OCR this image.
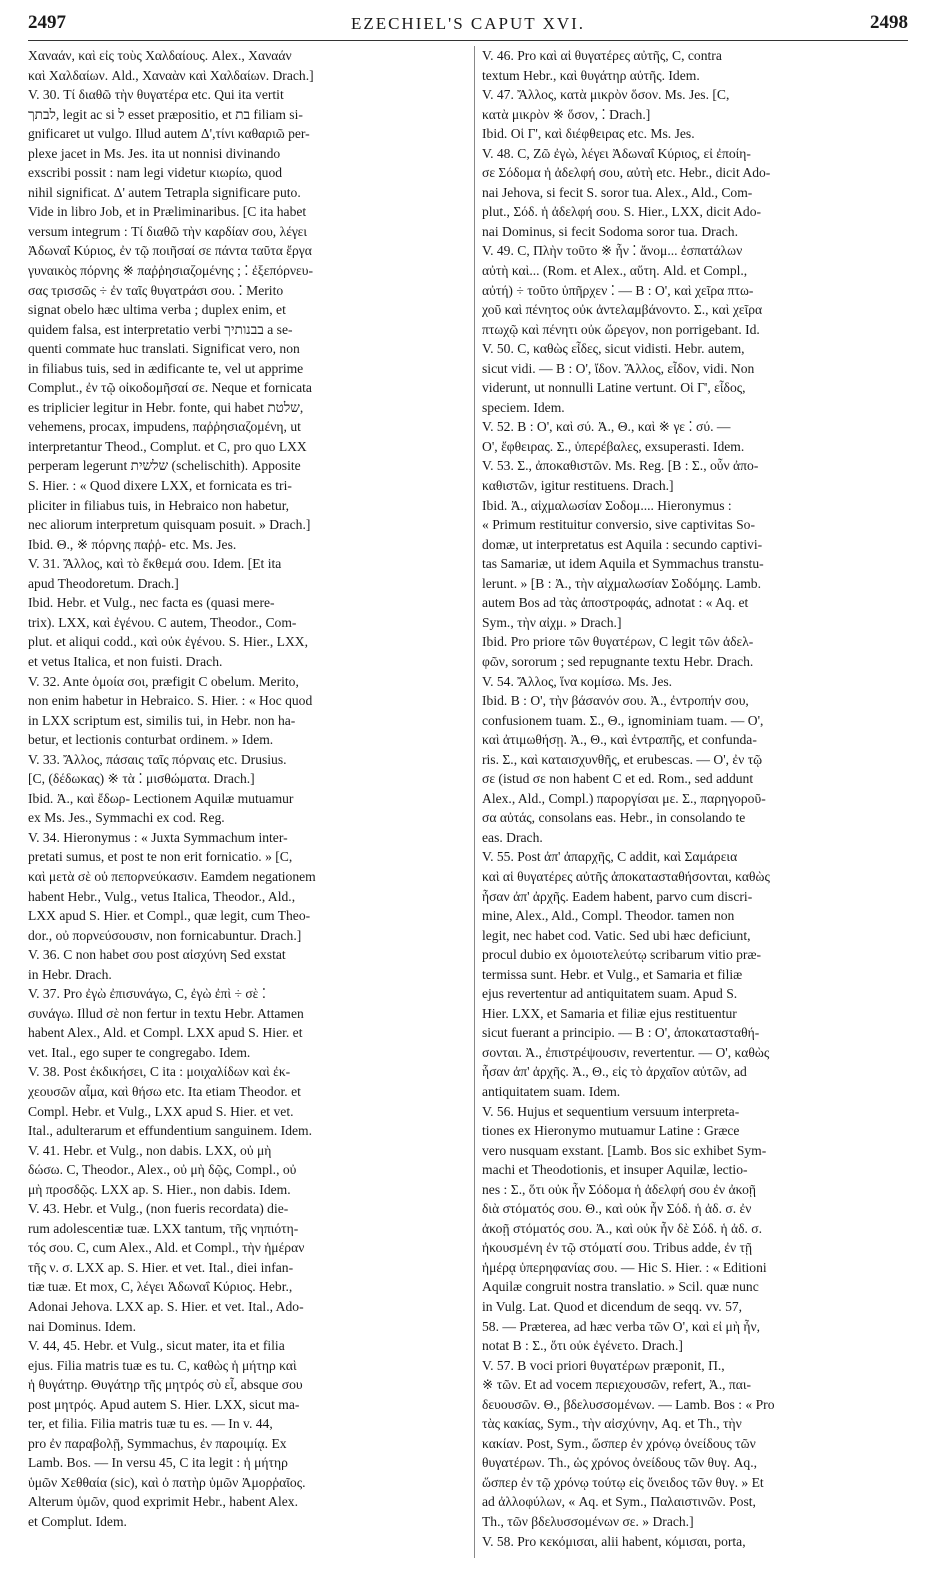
2497	EZECHIEL'S CAPUT XVI.	2498
Χαναάν, καὶ εἰς τοὺς Χαλδαίους. Alex., Χαναάν
καὶ Χαλδαίων. Ald., Χαναὰν καὶ Χαλδαίων. Drach.]
V. 30. Τί διαθῶ τὴν θυγατέρα etc. Qui ita vertit
לבתך, legit ac si ל esset præpositio, et בת filiam si-
gnificaret ut vulgo. Illud autem Δ',τίνι καθαριῶ per-
plexe jacet in Ms. Jes. ita ut nonnisi divinando
exscribi possit : nam legi videtur κιωρίω, quod
nihil significat. Δ' autem Tetrapla significare puto.
Vide in libro Job, et in Præliminaribus. [C ita habet
versum integrum : Τί διαθῶ τὴν καρδίαν σου, λέγει
Ἀδωναΐ Κύριος, ἐν τῷ ποιῆσαί σε πάντα ταῦτα ἔργα
γυναικὸς πόρνης ※ παῤῥησιαζομένης ; ⁚ ἐξεπόρνευ-
σας τρισσῶς ÷ ἐν ταῖς θυγατράσι σου. ⁚ Merito
signat obelo hæc ultima verba ; duplex enim, et
quidem falsa, est interpretatio verbi בבנותיך a se-
quenti commate huc translati. Significat vero, non
in filiabus tuis, sed in ædificante te, vel ut apprime
Complut., ἐν τῷ οἰκοδομῆσαί σε. Neque et fornicata
es triplicier legitur in Hebr. fonte, qui habet שלטת,
vehemens, procax, impudens, παῤῥησιαζομένη, ut
interpretantur Theod., Complut. et C, pro quo LXX
perperam legerunt שלשית (schelischith). Apposite
S. Hier. : « Quod dixere LXX, et fornicata es tri-
pliciter in filiabus tuis, in Hebraico non habetur,
nec aliorum interpretum quisquam posuit. » Drach.]
Ibid. Θ., ※ πόρνης παῤῥ- etc. Ms. Jes.
V. 31. Ἄλλος, καὶ τὸ ἔκθεμά σου. Idem. [Et ita
apud Theodoretum. Drach.]
Ibid. Hebr. et Vulg., nec facta es (quasi mere-
trix). LXX, καὶ ἐγένου. C autem, Theodor., Com-
plut. et aliqui codd., καὶ οὐκ ἐγένου. S. Hier., LXX,
et vetus Italica, et non fuisti. Drach.
V. 32. Ante ὁμοία σοι, præfigit C obelum. Merito,
non enim habetur in Hebraico. S. Hier. : « Hoc quod
in LXX scriptum est, similis tui, in Hebr. non ha-
betur, et lectionis conturbat ordinem. » Idem.
V. 33. Ἄλλος, πάσαις ταῖς πόρναις etc. Drusius.
[C, (δέδωκας) ※ τὰ ⁚ μισθώματα. Drach.]
Ibid. Ἀ., καὶ ἔδωρ- Lectionem Aquilæ mutuamur
ex Ms. Jes., Symmachi ex cod. Reg.
V. 34. Hieronymus : « Juxta Symmachum inter-
pretati sumus, et post te non erit fornicatio. » [C,
καὶ μετὰ σὲ οὐ πεπορνεύκασιν. Eamdem negationem
habent Hebr., Vulg., vetus Italica, Theodor., Ald.,
LXX apud S. Hier. et Compl., quæ legit, cum Theo-
dor., οὐ πορνεύσουσιν, non fornicabuntur. Drach.]
V. 36. C non habet σου post αἰσχύνη Sed exstat
in Hebr. Drach.
V. 37. Pro ἐγὼ ἐπισυνάγω, C, ἐγὼ ἐπὶ ÷ σὲ ⁚
συνάγω. Illud σὲ non fertur in textu Hebr. Attamen
habent Alex., Ald. et Compl. LXX apud S. Hier. et
vet. Ital., ego super te congregabo. Idem.
V. 38. Post ἐκδικήσει, C ita : μοιχαλίδων καὶ ἐκ-
χεουσῶν αἷμα, καὶ θήσω etc. Ita etiam Theodor. et
Compl. Hebr. et Vulg., LXX apud S. Hier. et vet.
Ital., adulterarum et effundentium sanguinem. Idem.
V. 41. Hebr. et Vulg., non dabis. LXX, οὐ μὴ
δώσω. C, Theodor., Alex., οὐ μὴ δῷς, Compl., οὐ
μὴ προσδῷς. LXX ap. S. Hier., non dabis. Idem.
V. 43. Hebr. et Vulg., (non fueris recordata) die-
rum adolescentiæ tuæ. LXX tantum, τῆς νηπιότη-
τός σου. C, cum Alex., Ald. et Compl., τὴν ἡμέραν
τῆς ν. σ. LXX ap. S. Hier. et vet. Ital., diei infan-
tiæ tuæ. Et mox, C, λέγει Ἀδωναΐ Κύριος. Hebr.,
Adonai Jehova. LXX ap. S. Hier. et vet. Ital., Ado-
nai Dominus. Idem.
V. 44, 45. Hebr. et Vulg., sicut mater, ita et filia
ejus. Filia matris tuæ es tu. C, καθὼς ἡ μήτηρ καὶ
ἡ θυγάτηρ. Θυγάτηρ τῆς μητρός σὺ εἶ, absque σου
post μητρός. Apud autem S. Hier. LXX, sicut ma-
ter, et filia. Filia matris tuæ tu es. — In v. 44,
pro ἐν παραβολῇ, Symmachus, ἐν παροιμίᾳ. Ex
Lamb. Bos. — In versu 45, C ita legit : ἡ μήτηρ
ὑμῶν Χεθθαία (sic), καὶ ὁ πατὴρ ὑμῶν Ἀμορῥαῖος.
Alterum ὑμῶν, quod exprimit Hebr., habent Alex.
et Complut. Idem.
V. 46. Pro καὶ αἱ θυγατέρες αὐτῆς, C, contra
textum Hebr., καὶ θυγάτηρ αὐτῆς. Idem.
V. 47. Ἄλλος, κατὰ μικρὸν ὅσον. Ms. Jes. [C,
κατὰ μικρὸν ※ ὅσον, ⁚ Drach.]
Ibid. Οἱ Γ', καὶ διέφθειρας etc. Ms. Jes.
V. 48. C, Ζῶ ἐγὼ, λέγει Ἀδωναΐ Κύριος, εἰ ἐποίη-
σε Σόδομα ἡ ἀδελφή σου, αὐτὴ etc. Hebr., dicit Ado-
nai Jehova, si fecit S. soror tua. Alex., Ald., Com-
plut., Σόδ. ἡ ἀδελφή σου. S. Hier., LXX, dicit Ado-
nai Dominus, si fecit Sodoma soror tua. Drach.
V. 49. C, Πλὴν τοῦτο ※ ἦν ⁚ ἄνομ... ἐσπατάλων
αὐτὴ καὶ... (Rom. et Alex., αὕτη. Ald. et Compl.,
αὐτή) ÷ τοῦτο ὑπῆρχεν ⁚ — B : Ο', καὶ χεῖρα πτω-
χοῦ καὶ πένητος οὐκ ἀντελαμβάνοντο. Σ., καὶ χεῖρα
πτωχῷ καὶ πένητι οὐκ ὤρεγον, non porrigebant. Id.
V. 50. C, καθὼς εἶδες, sicut vidisti. Hebr. autem,
sicut vidi. — B : Ο', ἴδον. Ἄλλος, εἶδον, vidi. Non
viderunt, ut nonnulli Latine vertunt. Οἱ Γ', εἶδος,
speciem. Idem.
V. 52. B : Ο', καὶ σύ. Ἀ., Θ., καὶ ※ γε ⁚ σύ. —
Ο', ἔφθειρας. Σ., ὑπερέβαλες, exsuperasti. Idem.
V. 53. Σ., ἀποκαθιστῶν. Ms. Reg. [B : Σ., οὖν ἀπο-
καθιστῶν, igitur restituens. Drach.]
Ibid. Ἀ., αἰχμαλωσίαν Σοδομ.... Hieronymus :
« Primum restituitur conversio, sive captivitas So-
domæ, ut interpretatus est Aquila : secundo captivi-
tas Samariæ, ut idem Aquila et Symmachus transtu-
lerunt. » [B : Ἀ., τὴν αἰχμαλωσίαν Σοδόμης. Lamb.
autem Bos ad τὰς ἀποστροφάς, adnotat : « Aq. et
Sym., τὴν αἰχμ. » Drach.]
Ibid. Pro priore τῶν θυγατέρων, C legit τῶν ἀδελ-
φῶν, sororum ; sed repugnante textu Hebr. Drach.
V. 54. Ἄλλος, ἵνα κομίσω. Ms. Jes.
Ibid. B : Ο', τὴν βάσανόν σου. Ἀ., ἐντροπήν σου,
confusionem tuam. Σ., Θ., ignominiam tuam. — Ο',
καὶ ἀτιμωθήσῃ. Ἀ., Θ., καὶ ἐντραπῆς, et confunda-
ris. Σ., καὶ καταισχυνθῆς, et erubescas. — Ο', ἐν τῷ
σε (istud σε non habent C et ed. Rom., sed addunt
Alex., Ald., Compl.) παροργίσαι με. Σ., παρηγοροῦ-
σα αὐτάς, consolans eas. Hebr., in consolando te
eas. Drach.
V. 55. Post ἀπ' ἀπαρχῆς, C addit, καὶ Σαμάρεια
καὶ αἱ θυγατέρες αὐτῆς ἀποκατασταθήσονται, καθὼς
ἦσαν ἀπ' ἀρχῆς. Eadem habent, parvo cum discri-
mine, Alex., Ald., Compl. Theodor. tamen non
legit, nec habet cod. Vatic. Sed ubi hæc deficiunt,
procul dubio ex ὁμοιοτελεύτῳ scribarum vitio præ-
termissa sunt. Hebr. et Vulg., et Samaria et filiæ
ejus revertentur ad antiquitatem suam. Apud S.
Hier. LXX, et Samaria et filiæ ejus restituentur
sicut fuerant a principio. — B : Ο', ἀποκατασταθή-
σονται. Ἀ., ἐπιστρέψουσιν, revertentur. — Ο', καθὼς
ἦσαν ἀπ' ἀρχῆς. Ἀ., Θ., εἰς τὸ ἀρχαῖον αὐτῶν, ad
antiquitatem suam. Idem.
V. 56. Hujus et sequentium versuum interpreta-
tiones ex Hieronymo mutuamur Latine : Græce
vero nusquam exstant. [Lamb. Bos sic exhibet Sym-
machi et Theodotionis, et insuper Aquilæ, lectio-
nes : Σ., ὅτι οὐκ ἦν Σόδομα ἡ ἀδελφή σου ἐν ἀκοῇ
διὰ στόματός σου. Θ., καὶ οὐκ ἦν Σόδ. ἡ ἀδ. σ. ἐν
ἀκοῇ στόματός σου. Ἀ., καὶ οὐκ ἦν δὲ Σόδ. ἡ ἀδ. σ.
ἠκουσμένη ἐν τῷ στόματί σου. Tribus adde, ἐν τῇ
ἡμέρᾳ ὑπερηφανίας σου. — Hic S. Hier. : « Editioni
Aquilæ congruit nostra translatio. » Scil. quæ nunc
in Vulg. Lat. Quod et dicendum de seqq. vv. 57,
58. — Præterea, ad hæc verba τῶν Ο', καὶ εἰ μὴ ἦν,
notat B : Σ., ὅτι οὐκ ἐγένετο. Drach.]
V. 57. B voci priori θυγατέρων præponit, Π.,
※ τῶν. Et ad vocem περιεχουσῶν, refert, Ἀ., παι-
δευουσῶν. Θ., βδελυσσομένων. — Lamb. Bos : « Pro
τὰς κακίας, Sym., τὴν αἰσχύνην, Aq. et Th., τὴν
κακίαν. Post, Sym., ὥσπερ ἐν χρόνῳ ὀνείδους τῶν
θυγατέρων. Th., ὡς χρόνος ὀνείδους τῶν θυγ. Aq.,
ὥσπερ ἐν τῷ χρόνῳ τούτῳ εἰς ὄνειδος τῶν θυγ. » Et
ad ἀλλοφύλων, « Aq. et Sym., Παλαιστινῶν. Post,
Th., τῶν βδελυσσομένων σε. » Drach.]
V. 58. Pro κεκόμισαι, alii habent, κόμισαι, porta,
